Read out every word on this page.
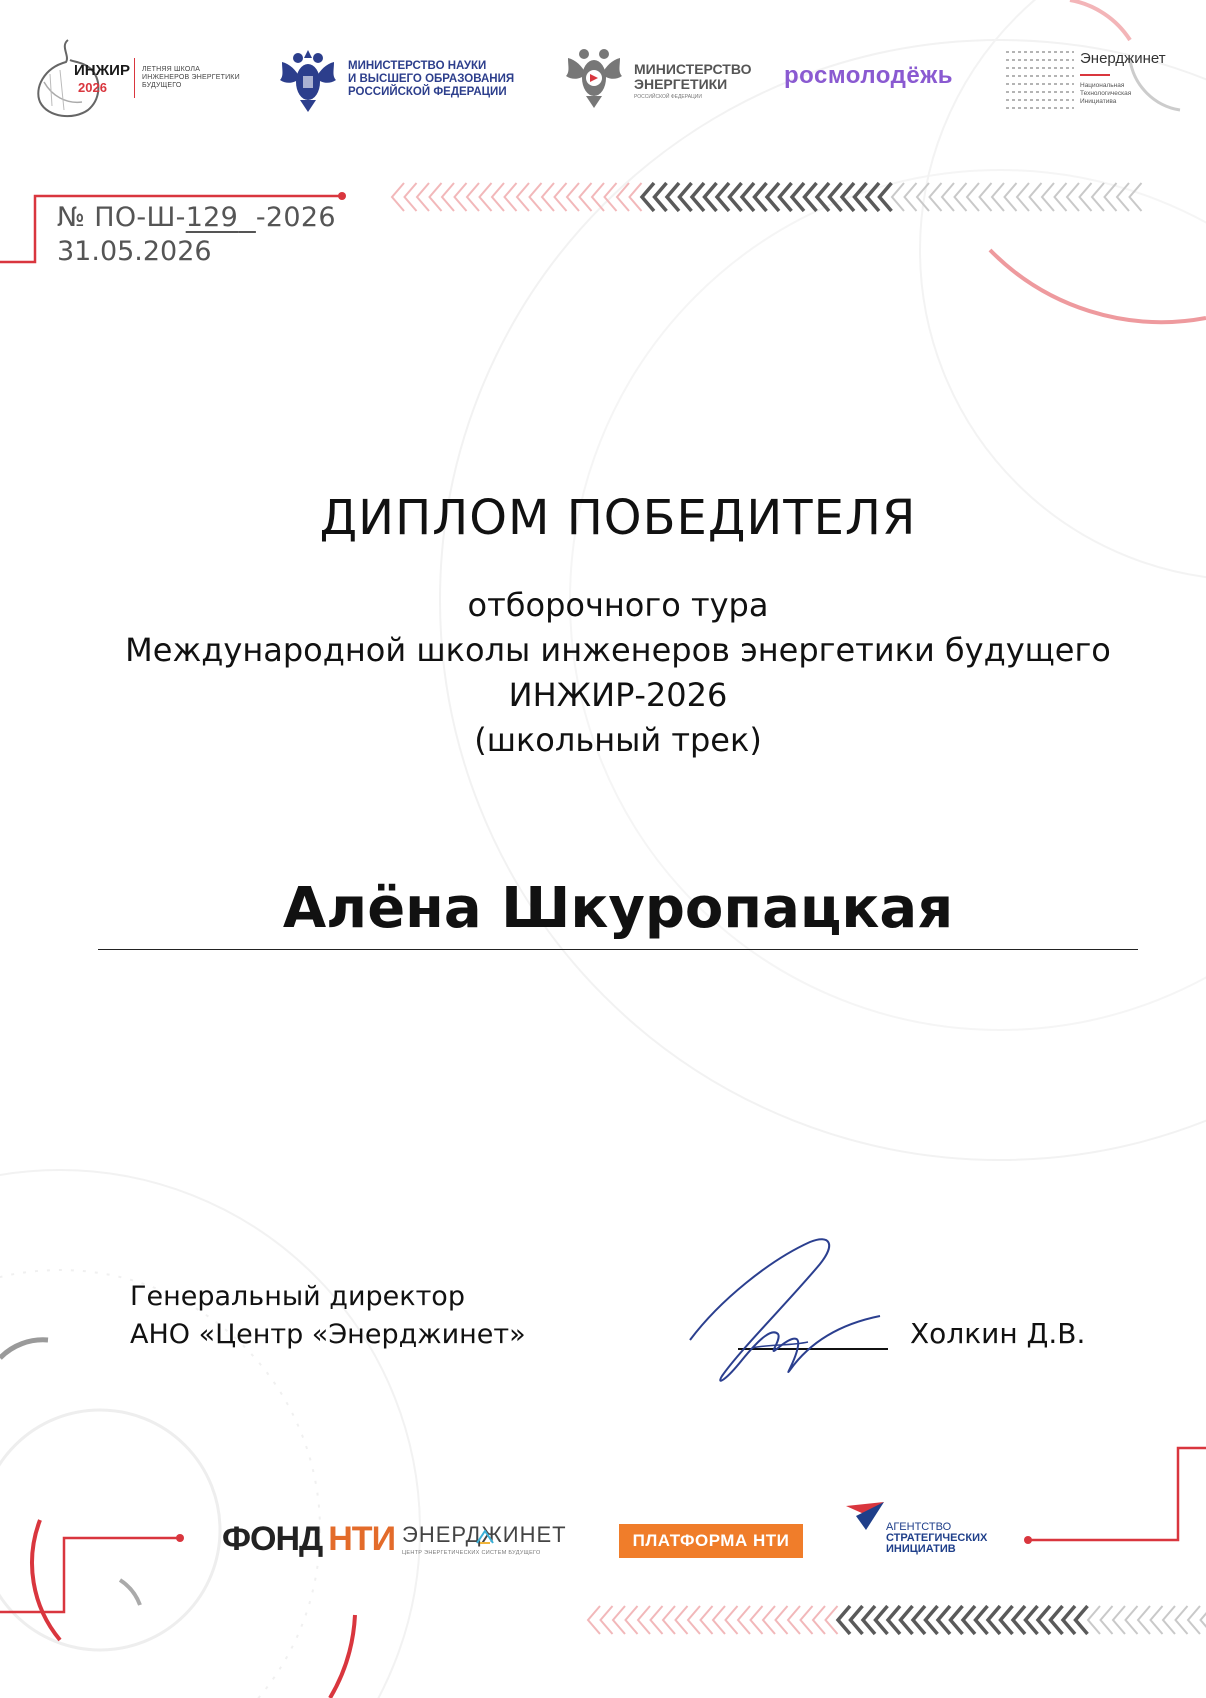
ИНЖИР
2026
ЛЕТНЯЯ ШКОЛА
ИНЖЕНЕРОВ ЭНЕРГЕТИКИ
БУДУЩЕГО
МИНИСТЕРСТВО НАУКИ
И ВЫСШЕГО ОБРАЗОВАНИЯ
РОССИЙСКОЙ ФЕДЕРАЦИИ
МИНИСТЕРСТВО
ЭНЕРГЕТИКИ
РОССИЙСКОЙ ФЕДЕРАЦИИ
росмолодёжь
Энерджинет
Национальная
Технологическая
Инициатива
№ ПО-Ш-129 -2026
31.05.2026
ДИПЛОМ ПОБЕДИТЕЛЯ
отборочного тура
Международной школы инженеров энергетики будущего
ИНЖИР-2026
(школьный трек)
Алёна Шкуропацкая
Генеральный директор
АНО «Центр «Энерджинет»	Холкин Д.В.
ФОНД НТИ ЭНЕРДЖИНЕТ
ЦЕНТР ЭНЕРГЕТИЧЕСКИХ СИСТЕМ БУДУЩЕГО
ПЛАТФОРМА НТИ
АГЕНТСТВО
СТРАТЕГИЧЕСКИХ
ИНИЦИАТИВ
